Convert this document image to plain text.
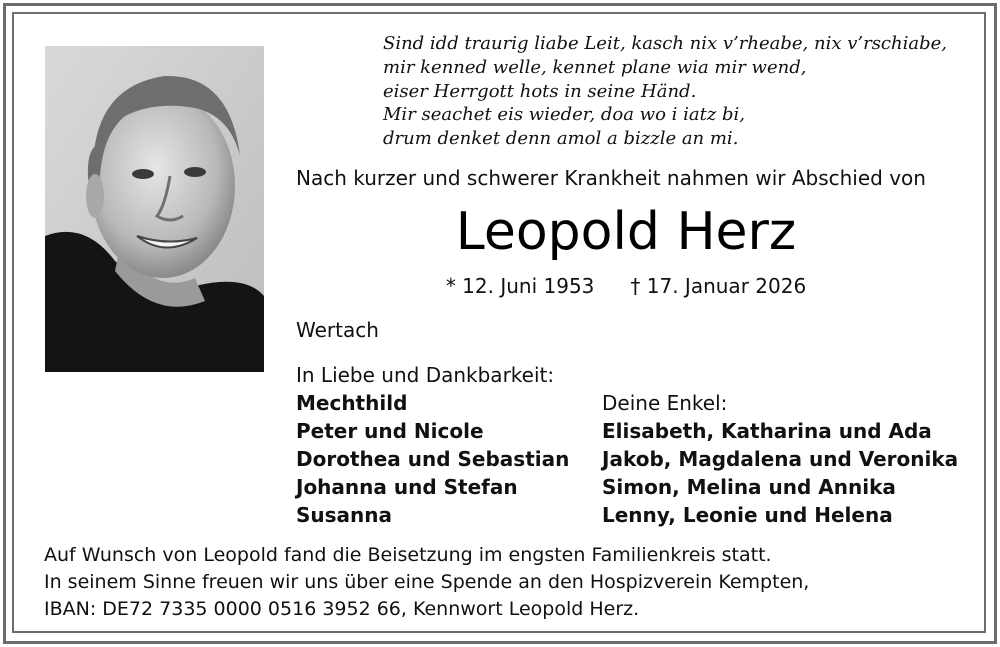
Sind idd traurig liabe Leit, kasch nix v’rheabe, nix v’rschiabe,
mir kenned welle, kennet plane wia mir wend,
eiser Herrgott hots in seine Händ.
Mir seachet eis wieder, doa wo i iatz bi,
drum denket denn amol a bizzle an mi.
Nach kurzer und schwerer Krankheit nahmen wir Abschied von
Leopold Herz
* 12. Juni 1953 † 17. Januar 2026
Wertach
In Liebe und Dankbarkeit:
Mechthild
Peter und Nicole
Dorothea und Sebastian
Johanna und Stefan
Susanna
Deine Enkel:
Elisabeth, Katharina und Ada
Jakob, Magdalena und Veronika
Simon, Melina und Annika
Lenny, Leonie und Helena
Auf Wunsch von Leopold fand die Beisetzung im engsten Familienkreis statt.
In seinem Sinne freuen wir uns über eine Spende an den Hospizverein Kempten,
IBAN: DE72 7335 0000 0516 3952 66, Kennwort Leopold Herz.
